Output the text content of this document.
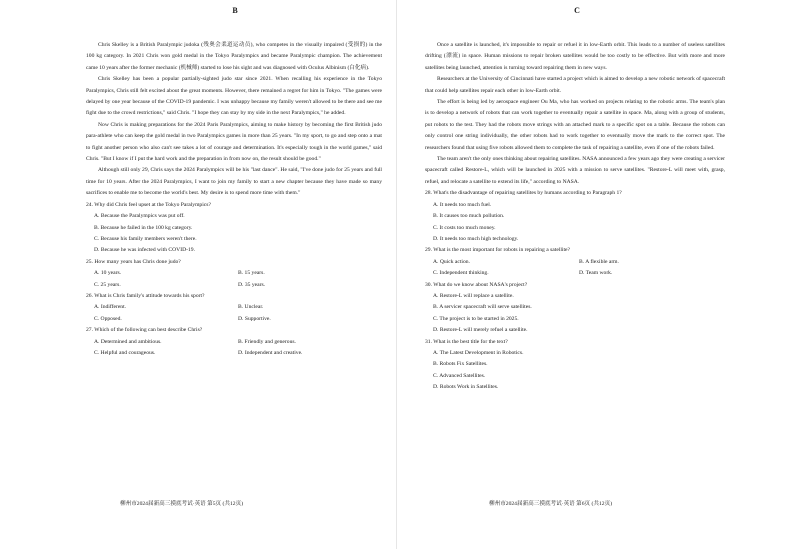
B

Chris Skelley is a British Paralympic judoka (残奥会柔道运动员), who competes in the visually impaired (受损的) in the 100 kg category. In 2021 Chris won gold medal in the Tokyo Paralympics and became Paralympic champion. The achievement came 10 years after the former mechanic (机械师) started to lose his sight and was diagnosed with Oculus Albinism (白化病).

Chris Skelley has been a popular partially-sighted judo star since 2021. When recalling his experience in the Tokyo Paralympics, Chris still felt excited about the great moments. However, there remained a regret for him in Tokyo. "The games were delayed by one year because of the COVID-19 pandemic. I was unhappy because my family weren't allowed to be there and see me fight due to the crowd restrictions," said Chris. "I hope they can stay by my side in the next Paralympics," he added.

Now Chris is making preparations for the 2024 Paris Paralympics, aiming to make history by becoming the first British judo para-athlete who can keep the gold medal in two Paralympics games in more than 25 years. "In my sport, to go and step onto a mat to fight another person who also can't see takes a lot of courage and determination. It's especially tough in the world games," said Chris. "But I know if I put the hard work and the preparation in from now on, the result should be good."

Although still only 29, Chris says the 2024 Paralympics will be his "last dance". He said, "I've done judo for 25 years and full time for 10 years. After the 2024 Paralympics, I want to join my family to start a new chapter because they have made so many sacrifices to enable me to become the world's best. My desire is to spend more time with them."

24. Why did Chris feel upset at the Tokyo Paralympics?
A. Because the Paralympics was put off.
B. Because he failed in the 100 kg category.
C. Because his family members weren't there.
D. Because he was infected with COVID-19.
25. How many years has Chris done judo?
A. 10 years.	B. 15 years.
C. 25 years.	D. 35 years.
26. What is Chris family's attitude towards his sport?
A. Indifferent.	B. Unclear.
C. Opposed.	D. Supportive.
27. Which of the following can best describe Chris?
A. Determined and ambitious.	B. Friendly and generous.
C. Helpful and courageous.	D. Independent and creative.
柳州市2024届新高三摸底考试·英语 第5页 (共12页)
C

Once a satellite is launched, it's impossible to repair or refuel it in low-Earth orbit. This leads to a number of useless satellites drifting (漂流) in space. Human missions to repair broken satellites would be too costly to be effective. But with more and more satellites being launched, attention is turning toward repairing them in new ways.

Researchers at the University of Cincinnati have started a project which is aimed to develop a new robotic network of spacecraft that could help satellites repair each other in low-Earth orbit.

The effort is being led by aerospace engineer Ou Ma, who has worked on projects relating to the robotic arms. The team's plan is to develop a network of robots that can work together to eventually repair a satellite in space. Ma, along with a group of students, put robots to the test. They had the robots move strings with an attached mark to a specific spot on a table. Because the robots can only control one string individually, the other robots had to work together to eventually move the mark to the correct spot. The researchers found that using five robots allowed them to complete the task of repairing a satellite, even if one of the robots failed.

The team aren't the only ones thinking about repairing satellites. NASA announced a few years ago they were creating a servicer spacecraft called Restore-L, which will be launched in 2025 with a mission to serve satellites. "Restore-L will meet with, grasp, refuel, and relocate a satellite to extend its life," according to NASA.

28. What's the disadvantage of repairing satellites by humans according to Paragraph 1?
A. It needs too much fuel.
B. It causes too much pollution.
C. It costs too much money.
D. It needs too much high technology.
29. What is the most important for robots in repairing a satellite?
A. Quick action.	B. A flexible arm.
C. Independent thinking.	D. Team work.
30. What do we know about NASA's project?
A. Restore-L will replace a satellite.
B. A servicer spacecraft will serve satellites.
C. The project is to be started in 2025.
D. Restore-L will merely refuel a satellite.
31. What is the best title for the text?
A. The Latest Development in Robotics.
B. Robots Fix Satellites.
C. Advanced Satellites.
D. Robots Work in Satellites.
柳州市2024届新高三摸底考试·英语 第6页 (共12页)
